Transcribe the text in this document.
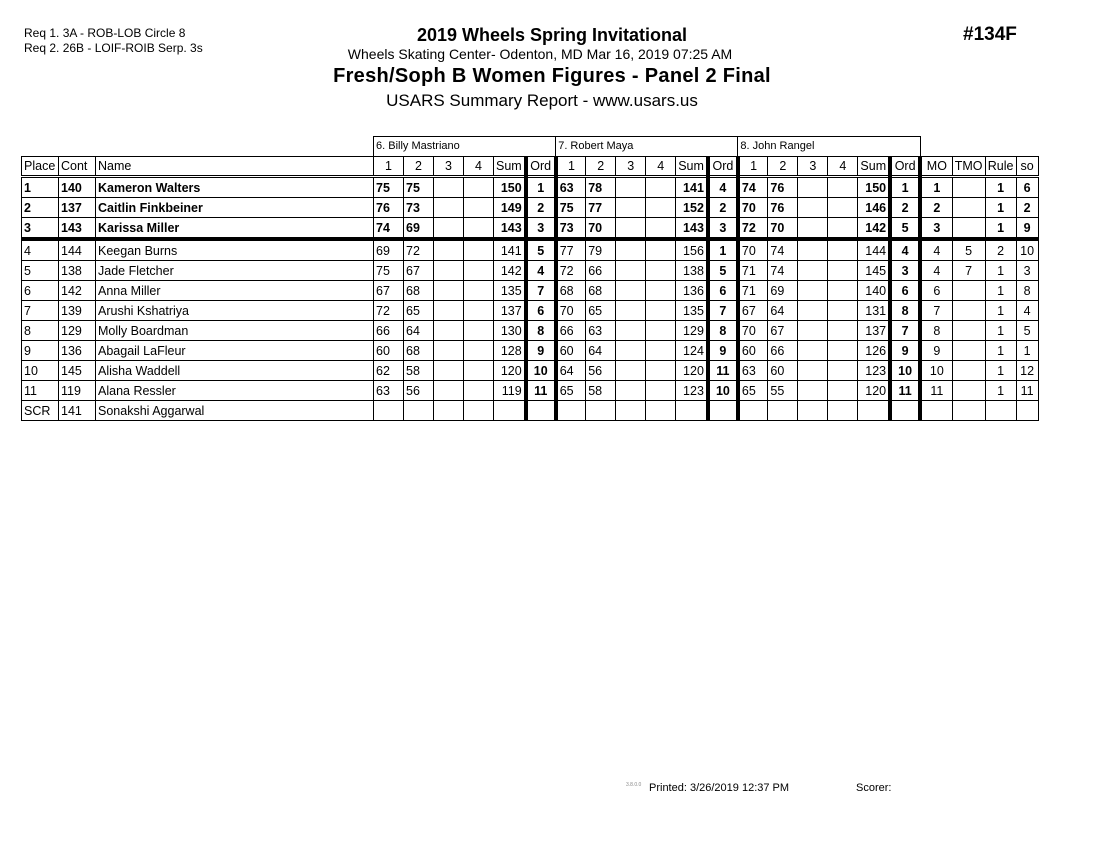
Req 1. 3A - ROB-LOB Circle 8
Req 2. 26B - LOIF-ROIB Serp. 3s
2019 Wheels Spring Invitational
Wheels Skating Center- Odenton, MD Mar 16, 2019 07:25 AM
Fresh/Soph B Women Figures - Panel 2 Final
USARS Summary Report - www.usars.us
#134F
			6. Billy Mastriano						7. Robert Maya						8. John Rangel									
Place	Cont	Name	1	2	3	4	Sum	Ord	1	2	3	4	Sum	Ord	1	2	3	4	Sum	Ord	MO	TMO	Rule	so
1	140	Kameron Walters	75	75			150	1	63	78			141	4	74	76			150	1	1		1	6
2	137	Caitlin Finkbeiner	76	73			149	2	75	77			152	2	70	76			146	2	2		1	2
3	143	Karissa Miller	74	69			143	3	73	70			143	3	72	70			142	5	3		1	9
4	144	Keegan Burns	69	72			141	5	77	79			156	1	70	74			144	4	4	5	2	10
5	138	Jade Fletcher	75	67			142	4	72	66			138	5	71	74			145	3	4	7	1	3
6	142	Anna Miller	67	68			135	7	68	68			136	6	71	69			140	6	6		1	8
7	139	Arushi Kshatriya	72	65			137	6	70	65			135	7	67	64			131	8	7		1	4
8	129	Molly Boardman	66	64			130	8	66	63			129	8	70	67			137	7	8		1	5
9	136	Abagail LaFleur	60	68			128	9	60	64			124	9	60	66			126	9	9		1	1
10	145	Alisha Waddell	62	58			120	10	64	56			120	11	63	60			123	10	10		1	12
11	119	Alana Ressler	63	56			119	11	65	58			123	10	65	55			120	11	11		1	11
SCR	141	Sonakshi Aggarwal																						
3.8.0.0 Printed: 3/26/2019 12:37 PM	Scorer:
